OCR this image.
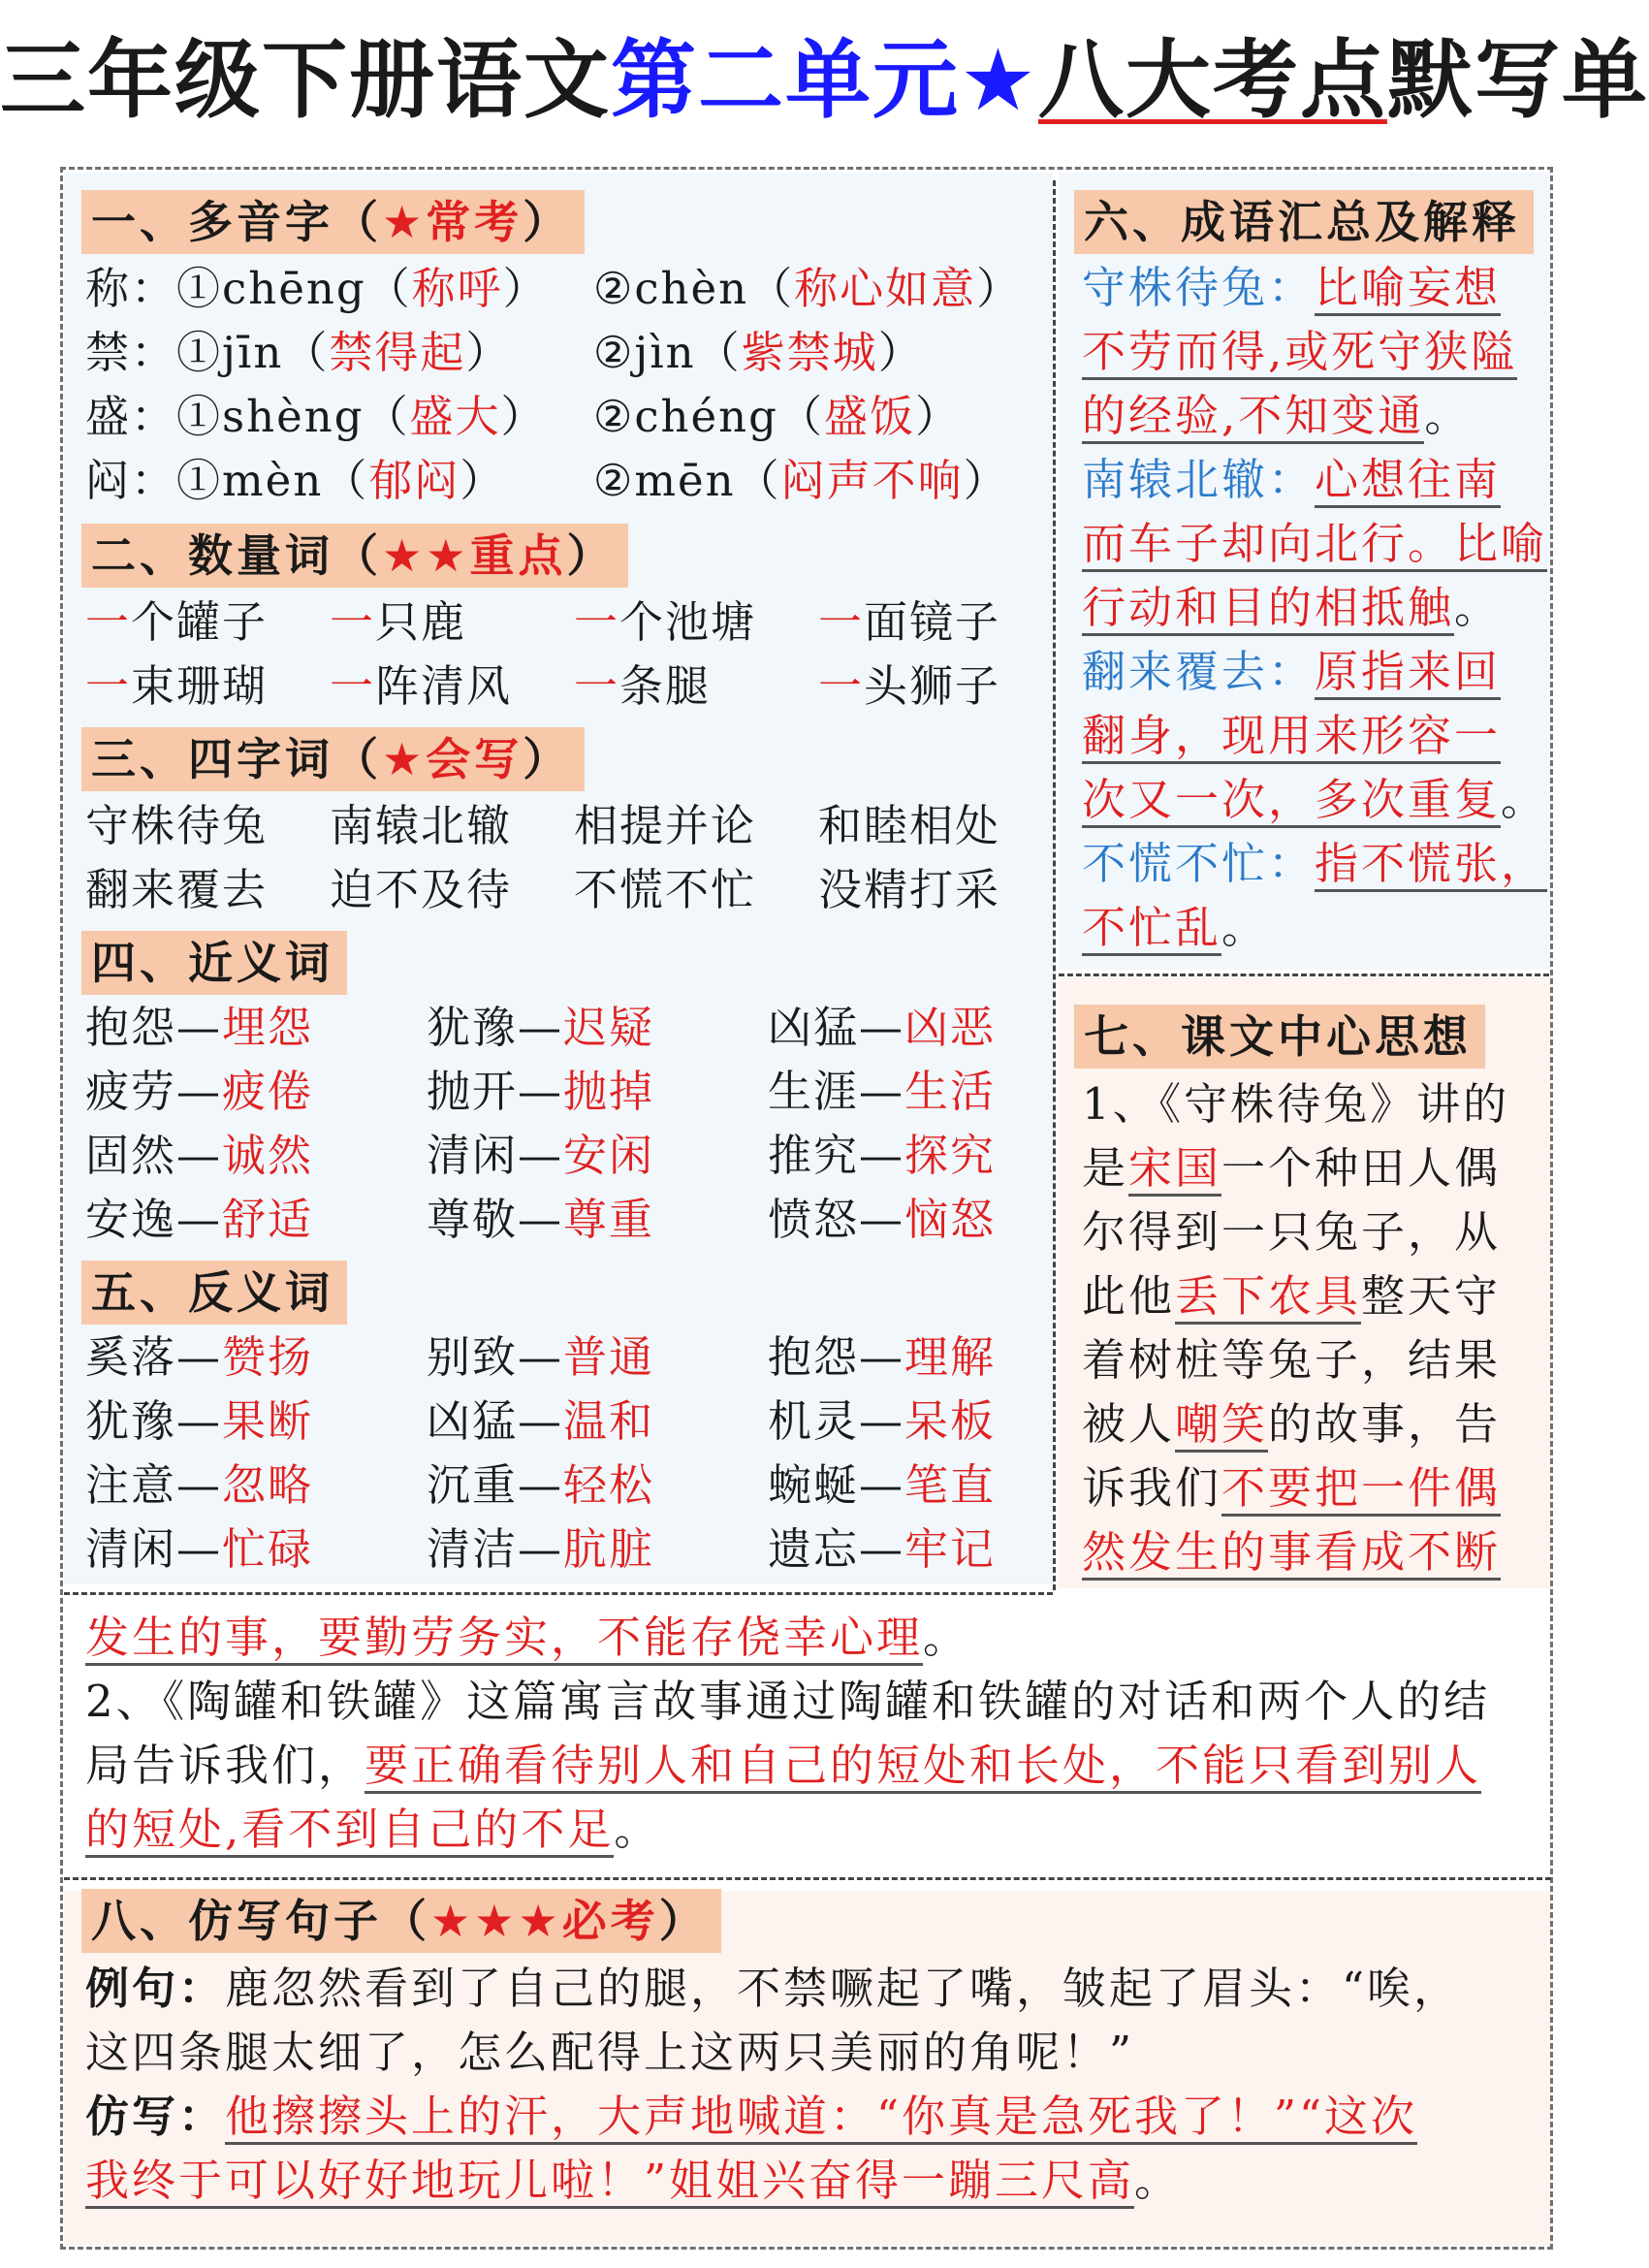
三年级下册语文第二单元★八大考点默写单
一、多音字（★常考）
称：①chēng（称呼） ②chèn（称心如意）
禁：①jīn（禁得起） ②jìn（紫禁城）
盛：①shèng（盛大） ②chéng（盛饭）
闷：①mèn（郁闷） ②mēn（闷声不响）
二、数量词（★★重点）
一个罐子 一只鹿 一个池塘 一面镜子
一束珊瑚 一阵清风 一条腿 一头狮子
三、四字词（★会写）
守株待兔 南辕北辙 相提并论 和睦相处
翻来覆去 迫不及待 不慌不忙 没精打采
四、近义词
抱怨—埋怨	犹豫—迟疑	凶猛—凶恶
疲劳—疲倦	抛开—抛掉	生涯—生活
固然—诚然	清闲—安闲	推究—探究
安逸—舒适	尊敬—尊重	愤怒—恼怒
五、反义词
奚落—赞扬	别致—普通	抱怨—理解
犹豫—果断	凶猛—温和	机灵—呆板
注意—忽略	沉重—轻松	蜿蜒—笔直
清闲—忙碌	清洁—肮脏	遗忘—牢记
六、成语汇总及解释
守株待兔：比喻妄想
不劳而得,或死守狭隘
的经验,不知变通。
南辕北辙：心想往南
而车子却向北行。比喻
行动和目的相抵触。
翻来覆去：原指来回
翻身，现用来形容一
次又一次，多次重复。
不慌不忙：指不慌张，
不忙乱。
七、课文中心思想
1、《守株待兔》讲的
是宋国一个种田人偶
尔得到一只兔子，从
此他丢下农具整天守
着树桩等兔子，结果
被人嘲笑的故事，告
诉我们不要把一件偶
然发生的事看成不断
发生的事，要勤劳务实，不能存侥幸心理。
2、《陶罐和铁罐》这篇寓言故事通过陶罐和铁罐的对话和两个人的结
局告诉我们，要正确看待别人和自己的短处和长处，不能只看到别人
的短处,看不到自己的不足。
八、仿写句子（★★★必考）
例句：鹿忽然看到了自己的腿，不禁噘起了嘴，皱起了眉头：“唉，
这四条腿太细了，怎么配得上这两只美丽的角呢！”
仿写：他擦擦头上的汗，大声地喊道：“你真是急死我了！”“这次
我终于可以好好地玩儿啦！”姐姐兴奋得一蹦三尺高。
